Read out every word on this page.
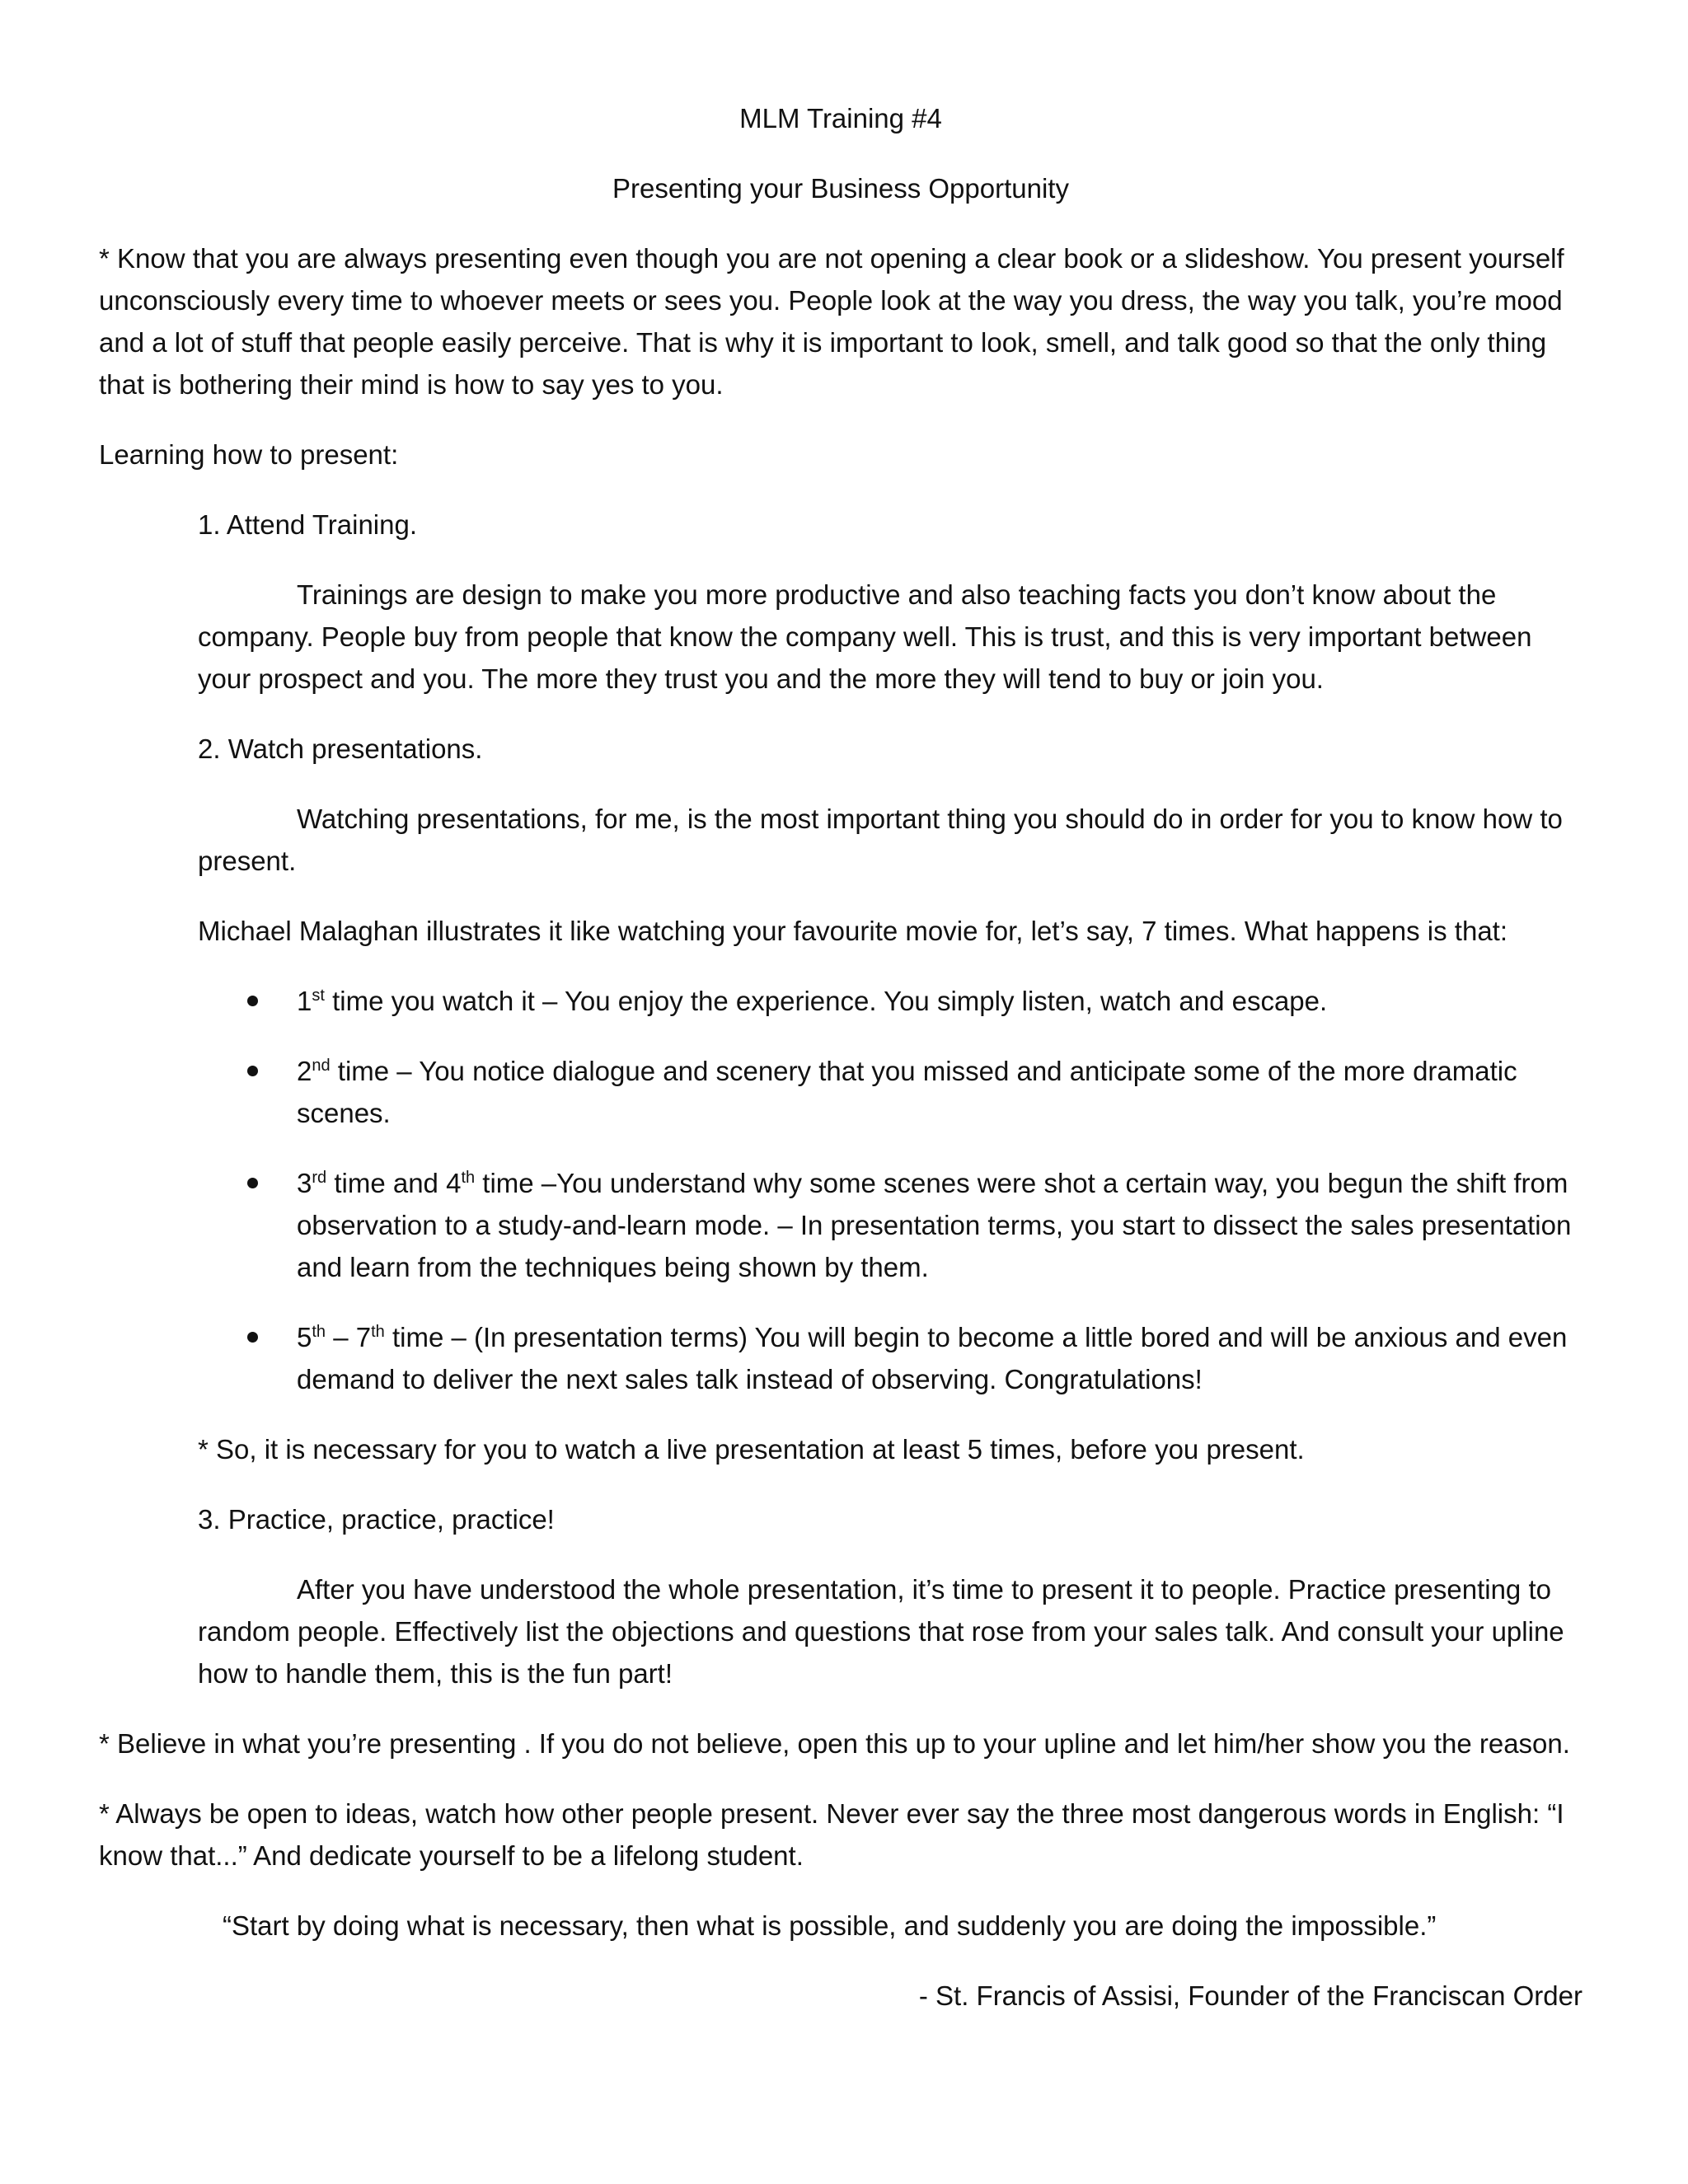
MLM Training #4

Presenting your Business Opportunity

* Know that you are always presenting even though you are not opening a clear book or a slideshow. You present yourself unconsciously every time to whoever meets or sees you. People look at the way you dress, the way you talk, you’re mood and a lot of stuff that people easily perceive. That is why it is important to look, smell, and talk good so that the only thing that is bothering their mind is how to say yes to you.

Learning how to present:

1. Attend Training.

Trainings are design to make you more productive and also teaching facts you don’t know about the company. People buy from people that know the company well. This is trust, and this is very important between your prospect and you. The more they trust you and the more they will tend to buy or join you.

2. Watch presentations.

Watching presentations, for me, is the most important thing you should do in order for you to know how to present.

Michael Malaghan illustrates it like watching your favourite movie for, let’s say, 7 times. What happens is that:

1st time you watch it – You enjoy the experience. You simply listen, watch and escape.
2nd time – You notice dialogue and scenery that you missed and anticipate some of the more dramatic scenes.
3rd time and 4th time –You understand why some scenes were shot a certain way, you begun the shift from observation to a study-and-learn mode. – In presentation terms, you start to dissect the sales presentation and learn from the techniques being shown by them.
5th – 7th time – (In presentation terms) You will begin to become a little bored and will be anxious and even demand to deliver the next sales talk instead of observing. Congratulations!

* So, it is necessary for you to watch a live presentation at least 5 times, before you present.

3. Practice, practice, practice!

After you have understood the whole presentation, it’s time to present it to people. Practice presenting to random people. Effectively list the objections and questions that rose from your sales talk. And consult your upline how to handle them, this is the fun part!

* Believe in what you’re presenting . If you do not believe, open this up to your upline and let him/her show you the reason.

* Always be open to ideas, watch how other people present. Never ever say the three most dangerous words in English: “I know that...” And dedicate yourself to be a lifelong student.

“Start by doing what is necessary, then what is possible, and suddenly you are doing the impossible.”

- St. Francis of Assisi, Founder of the Franciscan Order
